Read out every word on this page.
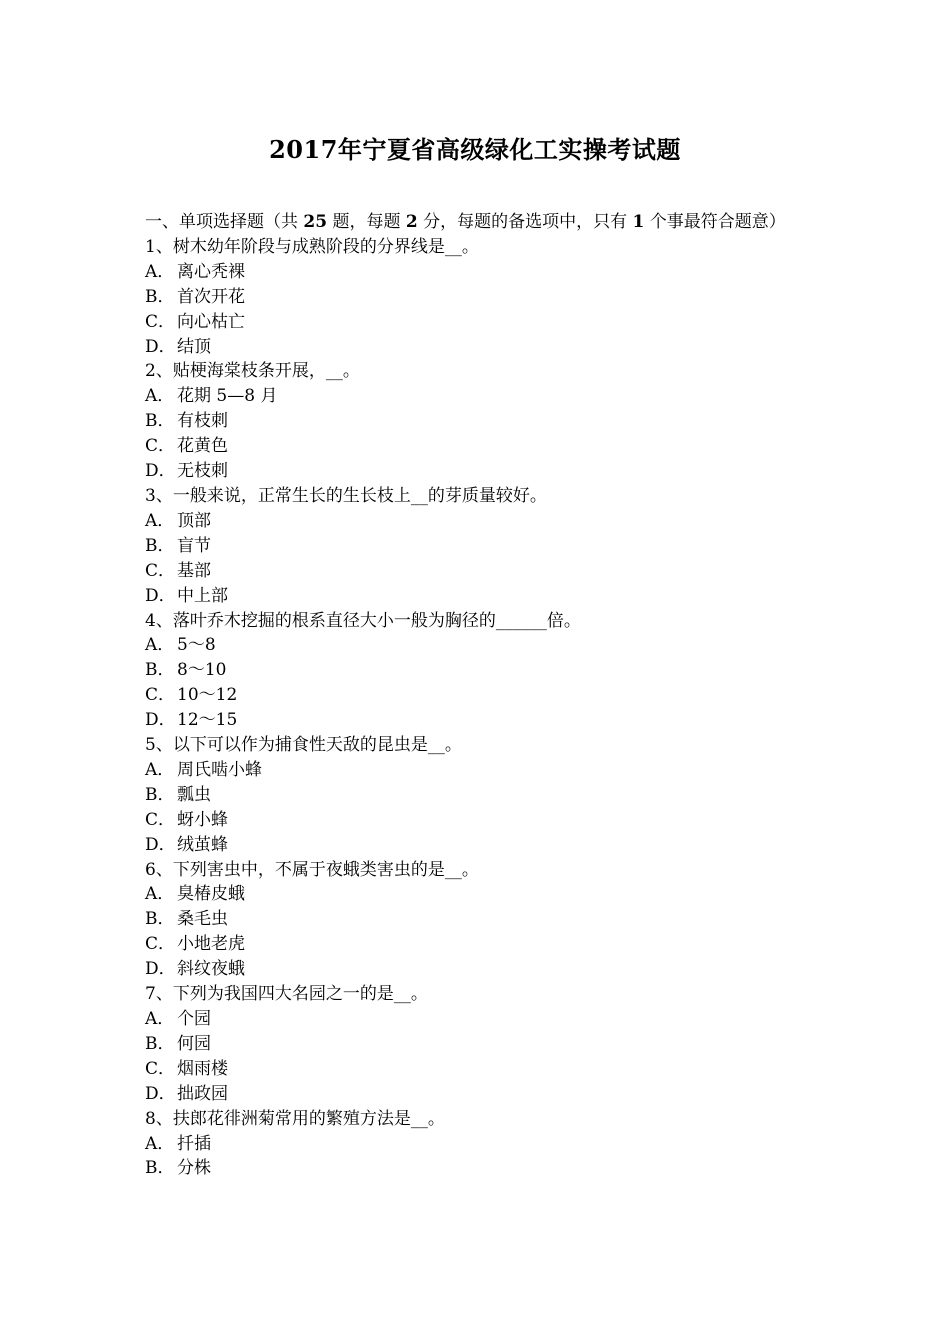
2017年宁夏省高级绿化工实操考试题

一、单项选择题（共 25 题，每题 2 分，每题的备选项中，只有 1 个事最符合题意）

1、树木幼年阶段与成熟阶段的分界线是__。

A． 离心秃裸

B． 首次开花

C． 向心枯亡

D．结顶

2、贴梗海棠枝条开展，__。

A． 花期 5—8 月

B． 有枝刺

C． 花黄色

D．无枝刺

3、一般来说，正常生长的生长枝上__的芽质量较好。

A． 顶部

B． 盲节

C． 基部

D．中上部

4、落叶乔木挖掘的根系直径大小一般为胸径的______倍。

A． 5～8

B． 8～10

C． 10～12

D．12～15

5、以下可以作为捕食性天敌的昆虫是__。

A． 周氏啮小蜂

B． 瓢虫

C． 蚜小蜂

D．绒茧蜂

6、下列害虫中，不属于夜蛾类害虫的是__。

A． 臭椿皮蛾

B． 桑毛虫

C． 小地老虎

D．斜纹夜蛾

7、下列为我国四大名园之一的是__。

A． 个园

B． 何园

C． 烟雨楼

D．拙政园

8、扶郎花徘洲菊常用的繁殖方法是__。

A． 扦插

B． 分株
